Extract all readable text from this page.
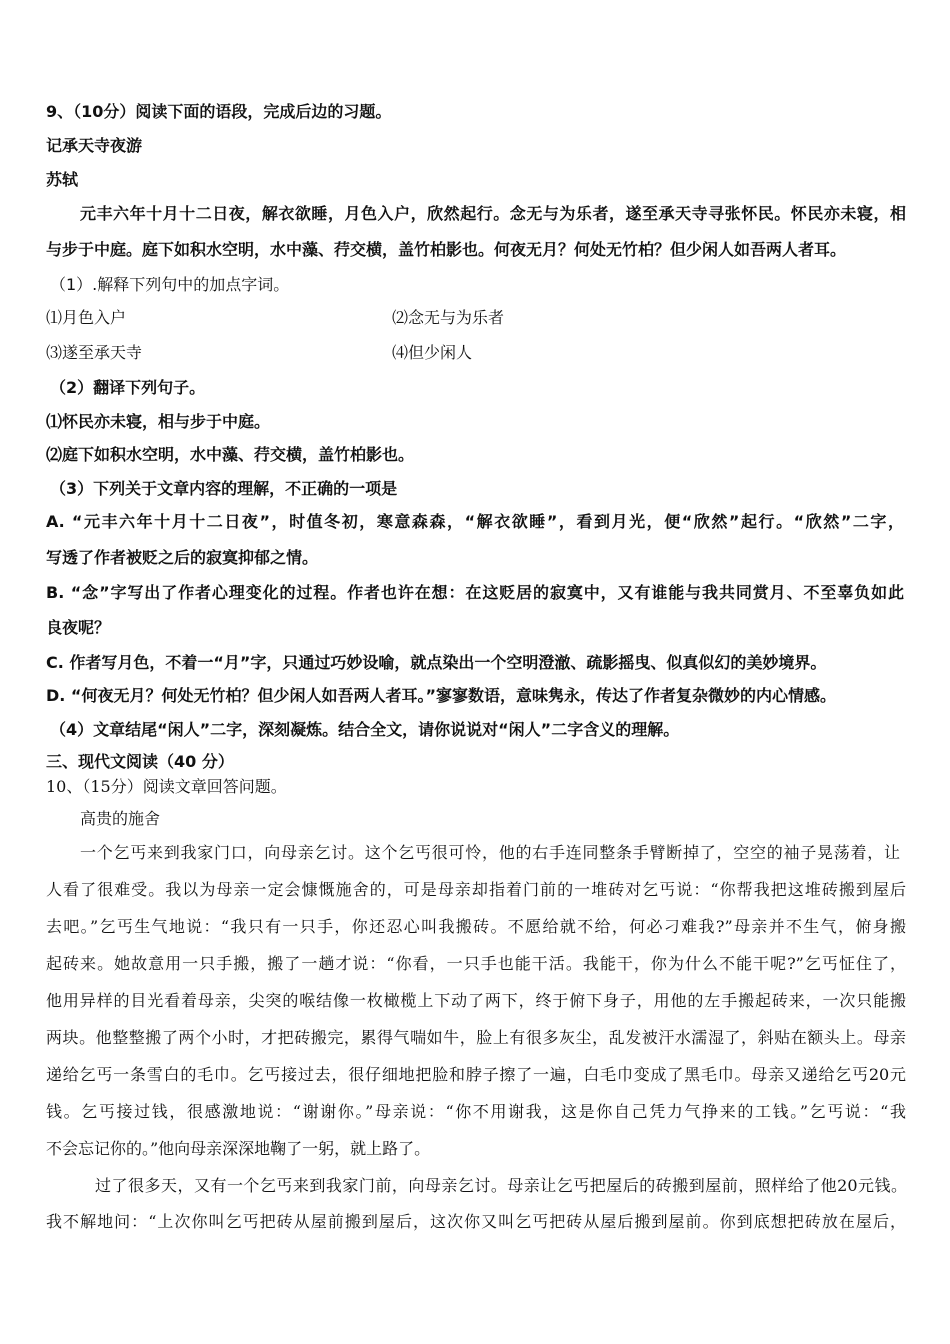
9、（10分）阅读下面的语段，完成后边的习题。
记承天寺夜游
苏轼
元丰六年十月十二日夜，解衣欲睡，月色入户，欣然起行。念无与为乐者，遂至承天寺寻张怀民。怀民亦未寝，相
与步于中庭。庭下如积水空明，水中藻、荇交横，盖竹柏影也。何夜无月？何处无竹柏？但少闲人如吾两人者耳。
（1）.解释下列句中的加点字词。
⑴月色入户	⑵念无与为乐者
⑶遂至承天寺	⑷但少闲人
（2）翻译下列句子。
⑴怀民亦未寝，相与步于中庭。
⑵庭下如积水空明，水中藻、荇交横，盖竹柏影也。
（3）下列关于文章内容的理解，不正确的一项是
A. “元丰六年十月十二日夜”，时值冬初，寒意森森，“解衣欲睡”，看到月光，便“欣然”起行。“欣然”二字，
写透了作者被贬之后的寂寞抑郁之情。
B. “念”字写出了作者心理变化的过程。作者也许在想：在这贬居的寂寞中，又有谁能与我共同赏月、不至辜负如此
良夜呢？
C. 作者写月色，不着一“月”字，只通过巧妙设喻，就点染出一个空明澄澈、疏影摇曳、似真似幻的美妙境界。
D. “何夜无月？何处无竹柏？但少闲人如吾两人者耳。”寥寥数语，意味隽永，传达了作者复杂微妙的内心情感。
（4）文章结尾“闲人”二字，深刻凝炼。结合全文，请你说说对“闲人”二字含义的理解。
三、现代文阅读（40 分）
10、（15分）阅读文章回答问题。
高贵的施舍
一个乞丐来到我家门口，向母亲乞讨。这个乞丐很可怜，他的右手连同整条手臂断掉了，空空的袖子晃荡着，让
人看了很难受。我以为母亲一定会慷慨施舍的，可是母亲却指着门前的一堆砖对乞丐说：“你帮我把这堆砖搬到屋后
去吧。”乞丐生气地说：“我只有一只手，你还忍心叫我搬砖。不愿给就不给，何必刁难我?”母亲并不生气，俯身搬
起砖来。她故意用一只手搬，搬了一趟才说：“你看，一只手也能干活。我能干，你为什么不能干呢?”乞丐怔住了，
他用异样的目光看着母亲，尖突的喉结像一枚橄榄上下动了两下，终于俯下身子，用他的左手搬起砖来，一次只能搬
两块。他整整搬了两个小时，才把砖搬完，累得气喘如牛，脸上有很多灰尘，乱发被汗水濡湿了，斜贴在额头上。母亲
递给乞丐一条雪白的毛巾。乞丐接过去，很仔细地把脸和脖子擦了一遍，白毛巾变成了黑毛巾。母亲又递给乞丐20元
钱。乞丐接过钱，很感激地说：“谢谢你。”母亲说：“你不用谢我，这是你自己凭力气挣来的工钱。”乞丐说：“我
不会忘记你的。”他向母亲深深地鞠了一躬，就上路了。
过了很多天，又有一个乞丐来到我家门前，向母亲乞讨。母亲让乞丐把屋后的砖搬到屋前，照样给了他20元钱。
我不解地问：“上次你叫乞丐把砖从屋前搬到屋后，这次你又叫乞丐把砖从屋后搬到屋前。你到底想把砖放在屋后，
